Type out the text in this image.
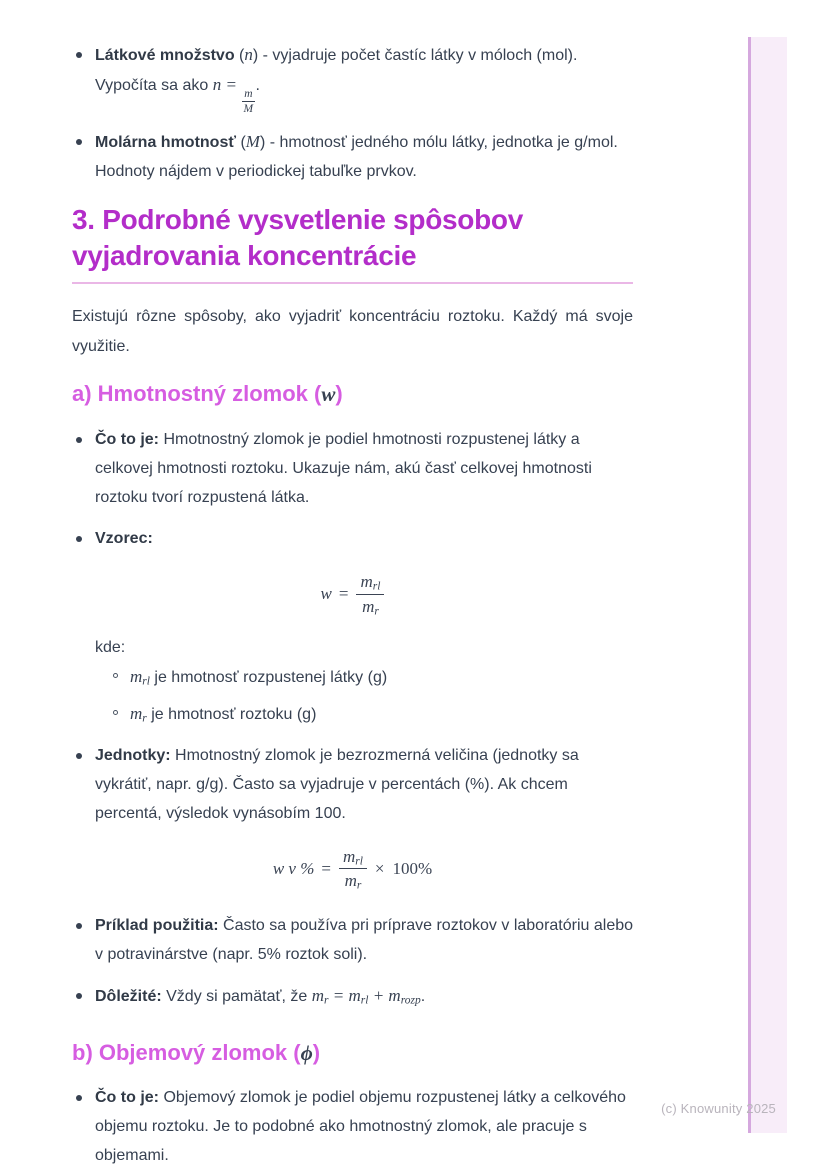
Látkové množstvo (n) - vyjadruje počet častíc látky v móloch (mol). Vypočíta sa ako n =
$\frac{m}{M}$
.
Molárna hmotnosť (M) - hmotnosť jedného mólu látky, jednotka je g/mol. Hodnoty nájdem v periodickej tabuľke prvkov.
3. Podrobné vysvetlenie spôsobov vyjadrovania koncentrácie

Existujú rôzne spôsoby, ako vyjadriť koncentráciu roztoku. Každý má svoje využitie.

a) Hmotnostný zlomok (w)
Čo to je: Hmotnostný zlomok je podiel hmotnosti rozpustenej látky a celkovej hmotnosti roztoku. Ukazuje nám, akú časť celkovej hmotnosti roztoku tvorí rozpustená látka.
Vzorec:
$w = \frac{m_{rl}}{m_r}$
kde:
$m_{rl}$ je hmotnosť rozpustenej látky (g)
$m_r$ je hmotnosť roztoku (g)
Jednotky: Hmotnostný zlomok je bezrozmerná veličina (jednotky sa vykrátiť, napr. g/g). Často sa vyjadruje v percentách (%). Ak chcem percentá, výsledok vynásobím 100.
w v % = $\frac{m_{rl}}{m_r} \times 100\%$
Príklad použitia: Často sa používa pri príprave roztokov v laboratóriu alebo v potravinárstve (napr. 5% roztok soli).
Dôležité: Vždy si pamätať, že $m_r = m_{rl} + m_{rozp}$.
b) Objemový zlomok (ϕ)
Čo to je: Objemový zlomok je podiel objemu rozpustenej látky a celkového objemu roztoku. Je to podobné ako hmotnostný zlomok, ale pracuje s objemami.
(c) Knowunity 2025
